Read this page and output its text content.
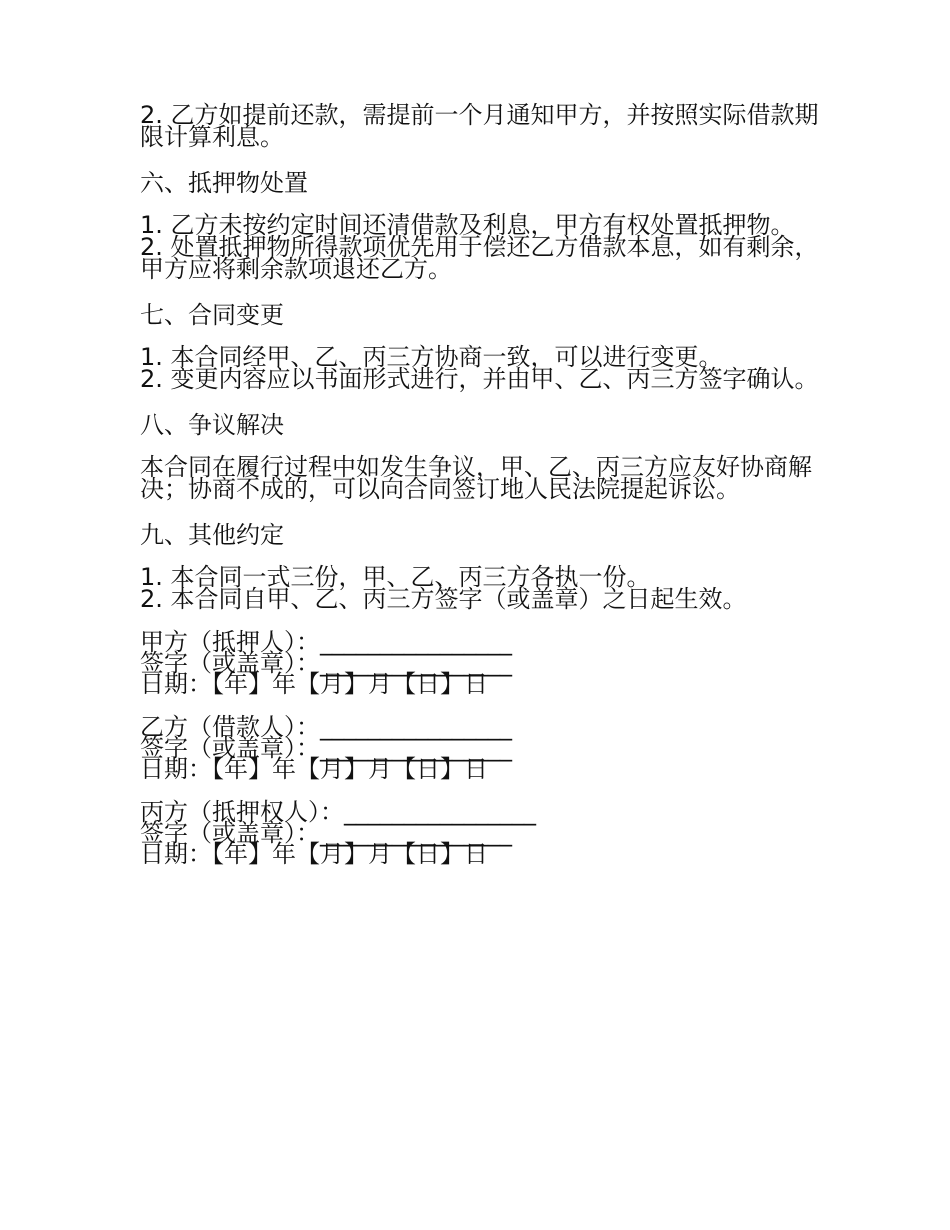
2. 乙方如提前还款，需提前一个月通知甲方，并按照实际借款期限计算利息。

六、抵押物处置

1. 乙方未按约定时间还清借款及利息，甲方有权处置抵押物。

2. 处置抵押物所得款项优先用于偿还乙方借款本息，如有剩余，甲方应将剩余款项退还乙方。

七、合同变更

1. 本合同经甲、乙、丙三方协商一致，可以进行变更。

2. 变更内容应以书面形式进行，并由甲、乙、丙三方签字确认。

八、争议解决

本合同在履行过程中如发生争议，甲、乙、丙三方应友好协商解决；协商不成的，可以向合同签订地人民法院提起诉讼。

九、其他约定

1. 本合同一式三份，甲、乙、丙三方各执一份。

2. 本合同自甲、乙、丙三方签字（或盖章）之日起生效。

甲方（抵押人）：________________

签字（或盖章）：________________

日期：【年】年【月】月【日】日

乙方（借款人）：________________

签字（或盖章）：________________

日期：【年】年【月】月【日】日

丙方（抵押权人）：________________

签字（或盖章）：________________

日期：【年】年【月】月【日】日
